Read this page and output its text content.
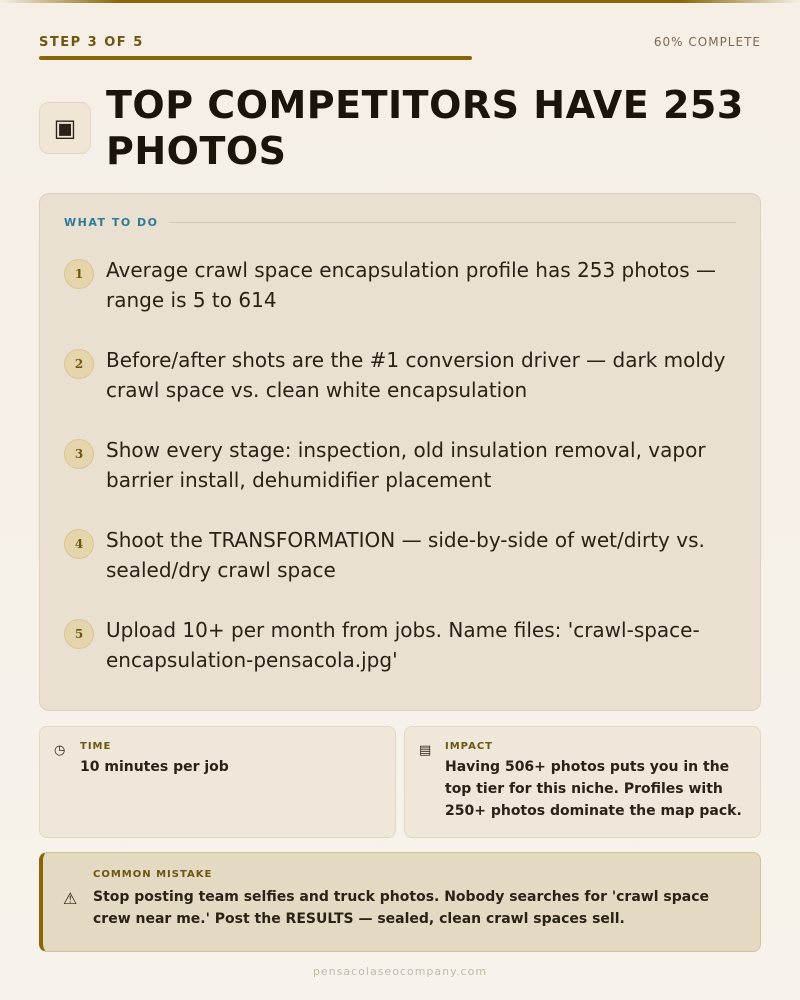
STEP 3 OF 5	60% COMPLETE
▣
TOP COMPETITORS HAVE 253 PHOTOS
WHAT TO DO
1	Average crawl space encapsulation profile has 253 photos — range is 5 to 614
2	Before/after shots are the #1 conversion driver — dark moldy crawl space vs. clean white encapsulation
3	Show every stage: inspection, old insulation removal, vapor barrier install, dehumidifier placement
4	Shoot the TRANSFORMATION — side-by-side of wet/dirty vs. sealed/dry crawl space
5	Upload 10+ per month from jobs. Name files: 'crawl-space-encapsulation-pensacola.jpg'
◷	TIME
10 minutes per job
▤	IMPACT
Having 506+ photos puts you in the top tier for this niche. Profiles with 250+ photos dominate the map pack.
⚠
COMMON MISTAKE
Stop posting team selfies and truck photos. Nobody searches for 'crawl space crew near me.' Post the RESULTS — sealed, clean crawl spaces sell.
pensacolaseocompany.com
